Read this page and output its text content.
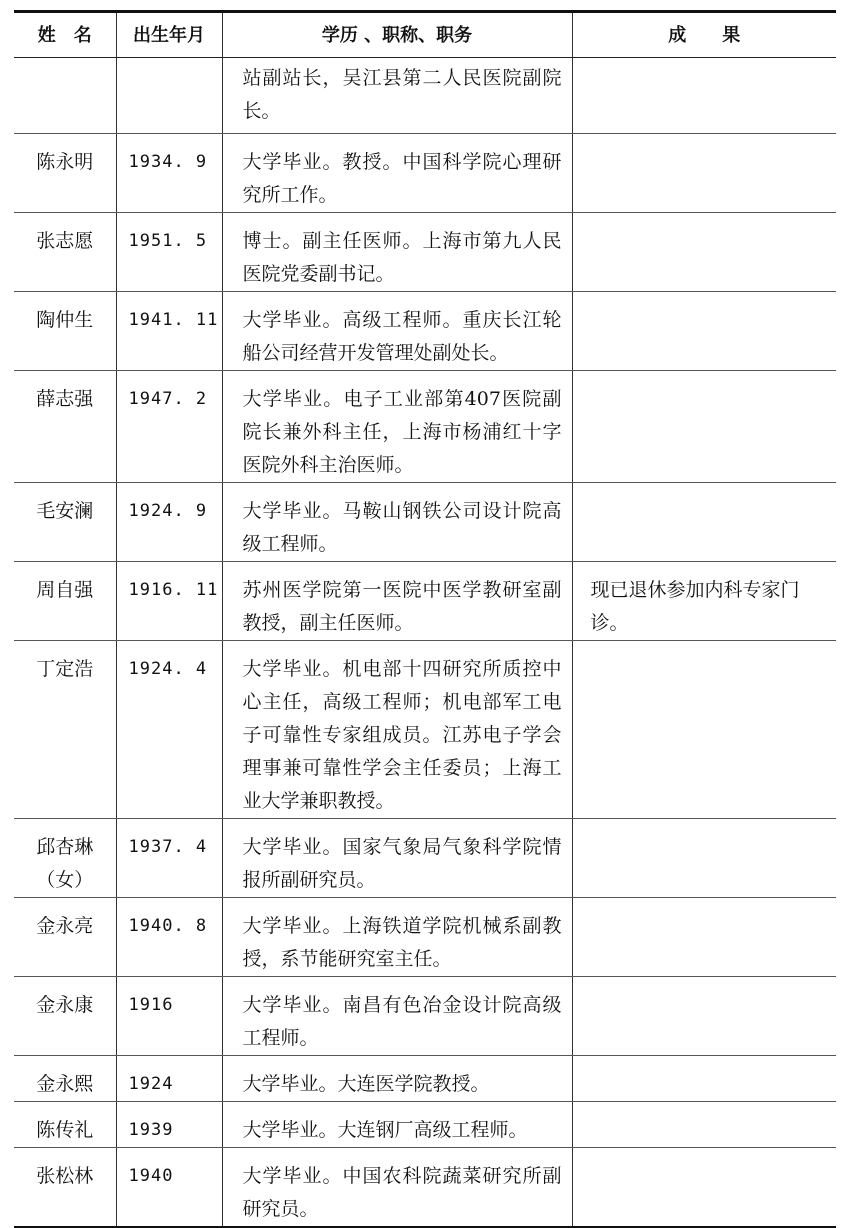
姓　名	出生年月	学历 、职称、职务	成　　果

		站副站长，吴江县第二人民医院副院长。	
陈永明	1934. 9	大学毕业。教授。中国科学院心理研究所工作。	
张志愿	1951. 5	博士。副主任医师。上海市第九人民医院党委副书记。	
陶仲生	1941. 11	大学毕业。高级工程师。重庆长江轮船公司经营开发管理处副处长。	
薛志强	1947. 2	大学毕业。电子工业部第407医院副院长兼外科主任，上海市杨浦红十字医院外科主治医师。	
毛安澜	1924. 9	大学毕业。马鞍山钢铁公司设计院高级工程师。	
周自强	1916. 11	苏州医学院第一医院中医学教研室副教授，副主任医师。	现已退休参加内科专家门诊。
丁定浩	1924. 4	大学毕业。机电部十四研究所质控中心主任，高级工程师；机电部军工电子可靠性专家组成员。江苏电子学会理事兼可靠性学会主任委员；上海工业大学兼职教授。	
邱杏琳
（女）	1937. 4	大学毕业。国家气象局气象科学院情报所副研究员。	
金永亮	1940. 8	大学毕业。上海铁道学院机械系副教授，系节能研究室主任。	
金永康	1916	大学毕业。南昌有色冶金设计院高级工程师。	
金永熙	1924	大学毕业。大连医学院教授。	
陈传礼	1939	大学毕业。大连钢厂高级工程师。	
张松林	1940	大学毕业。中国农科院蔬菜研究所副研究员。	
